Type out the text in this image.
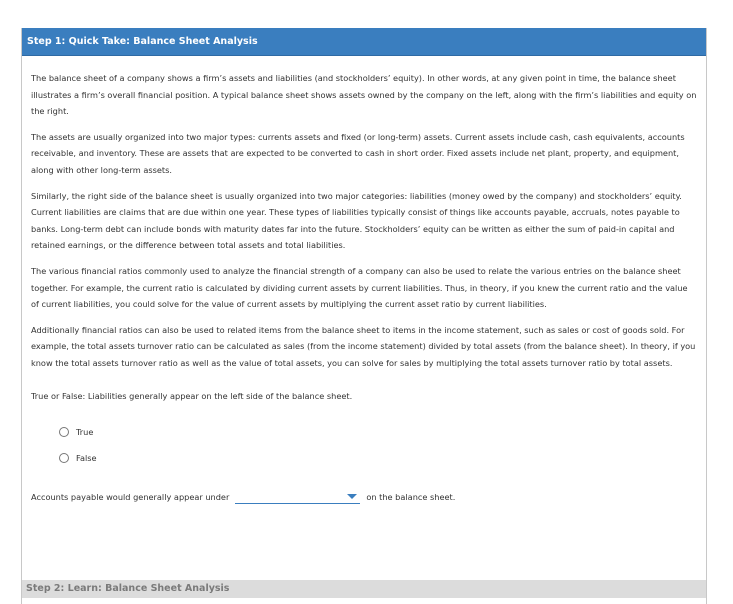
Step 1: Quick Take: Balance Sheet Analysis

The balance sheet of a company shows a firm’s assets and liabilities (and stockholders’ equity). In other words, at any given point in time, the balance sheet illustrates a firm’s overall financial position. A typical balance sheet shows assets owned by the company on the left, along with the firm’s liabilities and equity on the right.

The assets are usually organized into two major types: currents assets and fixed (or long-term) assets. Current assets include cash, cash equivalents, accounts receivable, and inventory. These are assets that are expected to be converted to cash in short order. Fixed assets include net plant, property, and equipment, along with other long-term assets.

Similarly, the right side of the balance sheet is usually organized into two major categories: liabilities (money owed by the company) and stockholders’ equity. Current liabilities are claims that are due within one year. These types of liabilities typically consist of things like accounts payable, accruals, notes payable to banks. Long-term debt can include bonds with maturity dates far into the future. Stockholders’ equity can be written as either the sum of paid-in capital and retained earnings, or the difference between total assets and total liabilities.

The various financial ratios commonly used to analyze the financial strength of a company can also be used to relate the various entries on the balance sheet together. For example, the current ratio is calculated by dividing current assets by current liabilities. Thus, in theory, if you knew the current ratio and the value of current liabilities, you could solve for the value of current assets by multiplying the current asset ratio by current liabilities.

Additionally financial ratios can also be used to related items from the balance sheet to items in the income statement, such as sales or cost of goods sold. For example, the total assets turnover ratio can be calculated as sales (from the income statement) divided by total assets (from the balance sheet). In theory, if you know the total assets turnover ratio as well as the value of total assets, you can solve for sales by multiplying the total assets turnover ratio by total assets.

True or False: Liabilities generally appear on the left side of the balance sheet.
True
False
Accounts payable would generally appear under	on the balance sheet.
Step 2: Learn: Balance Sheet Analysis
